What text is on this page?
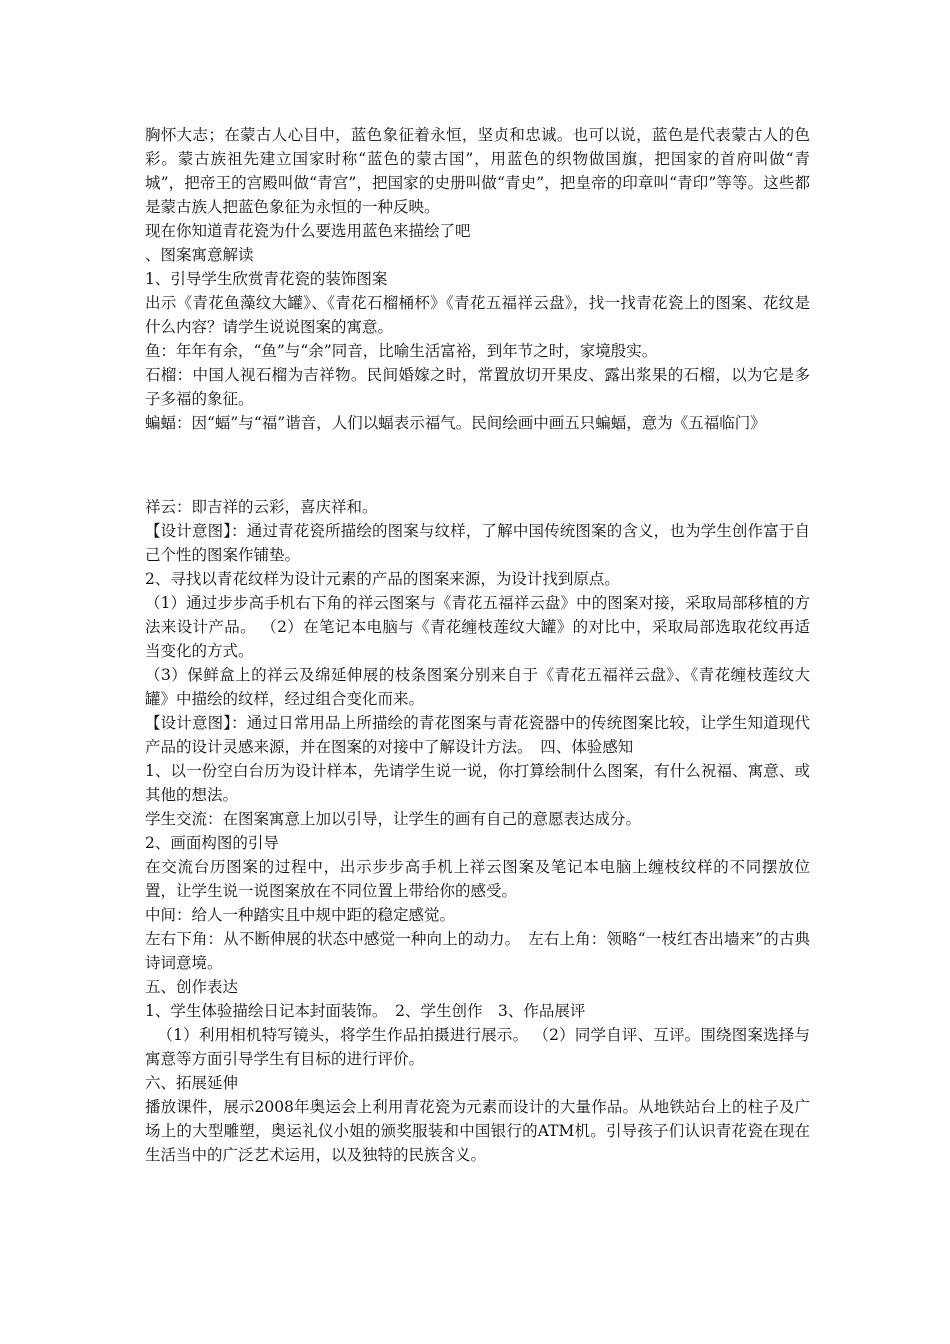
胸怀大志；在蒙古人心目中，蓝色象征着永恒，坚贞和忠诚。也可以说，蓝色是代表蒙古人的色彩。蒙古族祖先建立国家时称“蓝色的蒙古国”，用蓝色的织物做国旗，把国家的首府叫做“青城”，把帝王的宫殿叫做“青宫”，把国家的史册叫做“青史”，把皇帝的印章叫“青印”等等。这些都是蒙古族人把蓝色象征为永恒的一种反映。

现在你知道青花瓷为什么要选用蓝色来描绘了吧

、图案寓意解读

1、引导学生欣赏青花瓷的装饰图案

出示《青花鱼藻纹大罐》、《青花石榴桶杯》《青花五福祥云盘》，找一找青花瓷上的图案、花纹是什么内容？请学生说说图案的寓意。

鱼：年年有余，“鱼”与“余”同音，比喻生活富裕，到年节之时，家境殷实。

石榴：中国人视石榴为吉祥物。民间婚嫁之时，常置放切开果皮、露出浆果的石榴，以为它是多子多福的象征。

蝙蝠：因“蝠”与“福”谐音，人们以蝠表示福气。民间绘画中画五只蝙蝠，意为《五福临门》

祥云：即吉祥的云彩，喜庆祥和。

【设计意图】：通过青花瓷所描绘的图案与纹样，了解中国传统图案的含义，也为学生创作富于自己个性的图案作铺垫。

2、寻找以青花纹样为设计元素的产品的图案来源，为设计找到原点。

（1）通过步步高手机右下角的祥云图案与《青花五福祥云盘》中的图案对接，采取局部移植的方法来设计产品。 （2）在笔记本电脑与《青花缠枝莲纹大罐》的对比中，采取局部选取花纹再适当变化的方式。

（3）保鲜盒上的祥云及绵延伸展的枝条图案分别来自于《青花五福祥云盘》、《青花缠枝莲纹大罐》中描绘的纹样，经过组合变化而来。

【设计意图】：通过日常用品上所描绘的青花图案与青花瓷器中的传统图案比较，让学生知道现代产品的设计灵感来源，并在图案的对接中了解设计方法。　四、体验感知

1、以一份空白台历为设计样本，先请学生说一说，你打算绘制什么图案，有什么祝福、寓意、或其他的想法。

学生交流：在图案寓意上加以引导，让学生的画有自己的意愿表达成分。

2、画面构图的引导

在交流台历图案的过程中，出示步步高手机上祥云图案及笔记本电脑上缠枝纹样的不同摆放位置，让学生说一说图案放在不同位置上带给你的感受。

中间：给人一种踏实且中规中距的稳定感觉。

左右下角：从不断伸展的状态中感觉一种向上的动力。　左右上角：领略“一枝红杏出墙来”的古典诗词意境。

五、创作表达

1、学生体验描绘日记本封面装饰。　2、学生创作　3、作品展评

（1）利用相机特写镜头，将学生作品拍摄进行展示。 （2）同学自评、互评。围绕图案选择与寓意等方面引导学生有目标的进行评价。

六、拓展延伸

播放课件，展示2008年奥运会上利用青花瓷为元素而设计的大量作品。从地铁站台上的柱子及广场上的大型雕塑，奥运礼仪小姐的颁奖服装和中国银行的ATM机。引导孩子们认识青花瓷在现在生活当中的广泛艺术运用，以及独特的民族含义。
